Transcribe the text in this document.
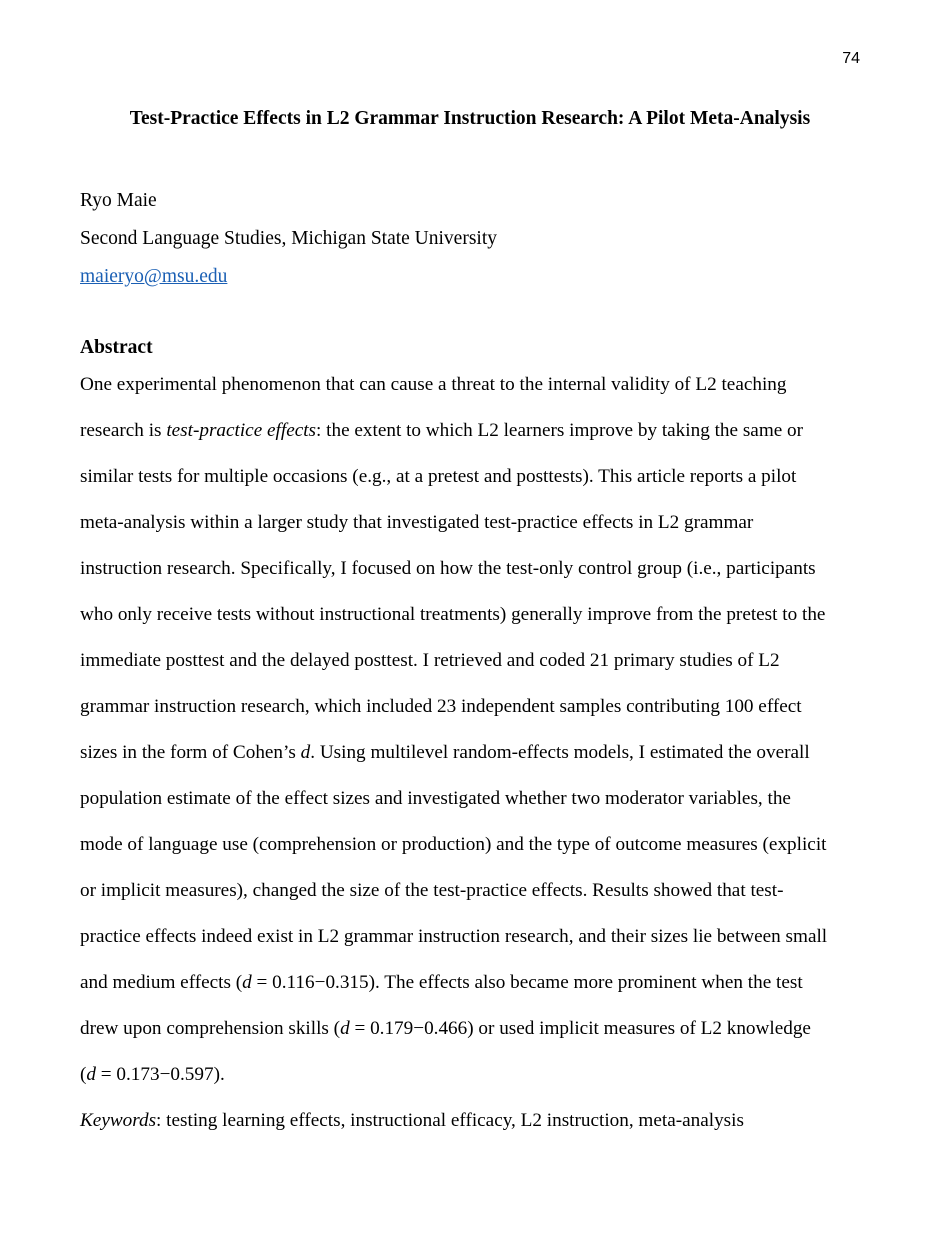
74
Test-Practice Effects in L2 Grammar Instruction Research: A Pilot Meta-Analysis
Ryo Maie
Second Language Studies, Michigan State University
maieryo@msu.edu
Abstract
One experimental phenomenon that can cause a threat to the internal validity of L2 teaching
research is test-practice effects: the extent to which L2 learners improve by taking the same or
similar tests for multiple occasions (e.g., at a pretest and posttests). This article reports a pilot
meta-analysis within a larger study that investigated test-practice effects in L2 grammar
instruction research. Specifically, I focused on how the test-only control group (i.e., participants
who only receive tests without instructional treatments) generally improve from the pretest to the
immediate posttest and the delayed posttest. I retrieved and coded 21 primary studies of L2
grammar instruction research, which included 23 independent samples contributing 100 effect
sizes in the form of Cohen’s d. Using multilevel random-effects models, I estimated the overall
population estimate of the effect sizes and investigated whether two moderator variables, the
mode of language use (comprehension or production) and the type of outcome measures (explicit
or implicit measures), changed the size of the test-practice effects. Results showed that test-
practice effects indeed exist in L2 grammar instruction research, and their sizes lie between small
and medium effects (d = 0.116−0.315). The effects also became more prominent when the test
drew upon comprehension skills (d = 0.179−0.466) or used implicit measures of L2 knowledge
(d = 0.173−0.597).
Keywords: testing learning effects, instructional efficacy, L2 instruction, meta-analysis
